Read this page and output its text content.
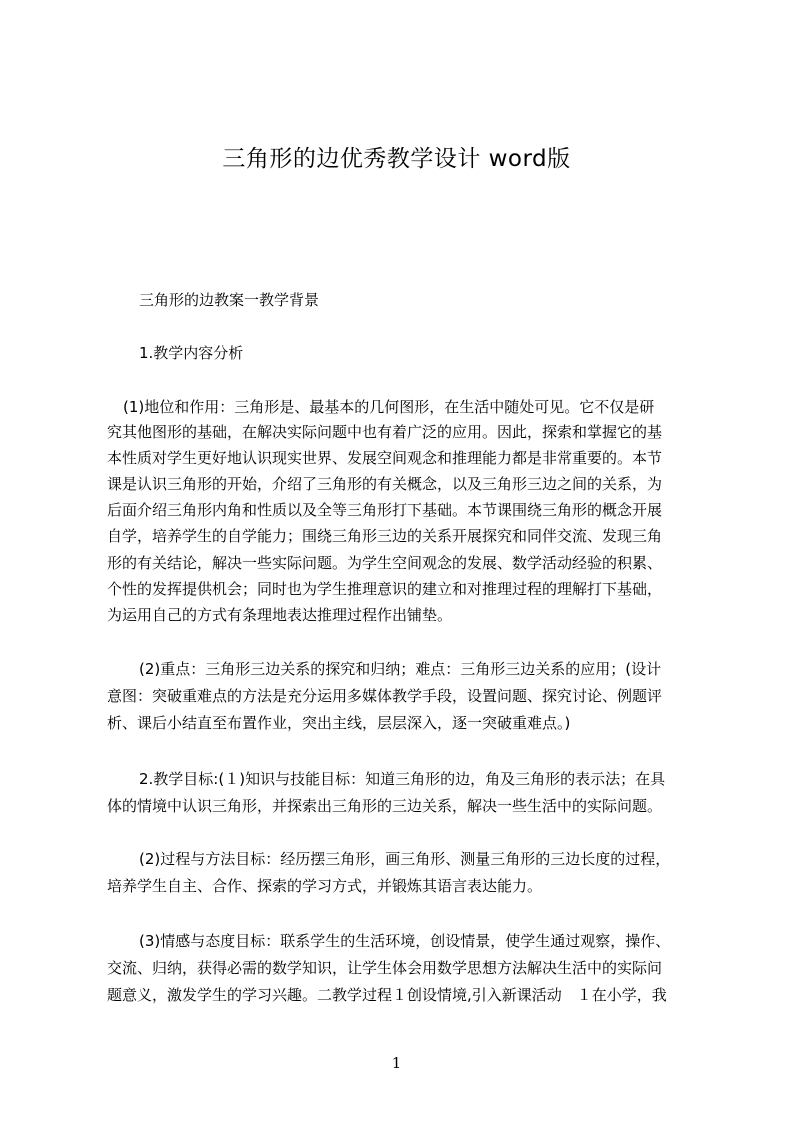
三角形的边优秀教学设计 word版
三角形的边教案一教学背景
1.教学内容分析
(1)地位和作用：三角形是、最基本的几何图形，在生活中随处可见。它不仅是研
究其他图形的基础，在解决实际问题中也有着广泛的应用。因此，探索和掌握它的基
本性质对学生更好地认识现实世界、发展空间观念和推理能力都是非常重要的。本节
课是认识三角形的开始，介绍了三角形的有关概念，以及三角形三边之间的关系，为
后面介绍三角形内角和性质以及全等三角形打下基础。本节课围绕三角形的概念开展
自学，培养学生的自学能力；围绕三角形三边的关系开展探究和同伴交流、发现三角
形的有关结论，解决一些实际问题。为学生空间观念的发展、数学活动经验的积累、
个性的发挥提供机会；同时也为学生推理意识的建立和对推理过程的理解打下基础，
为运用自己的方式有条理地表达推理过程作出铺垫。
(2)重点：三角形三边关系的探究和归纳；难点：三角形三边关系的应用；(设计
意图：突破重难点的方法是充分运用多媒体教学手段，设置问题、探究讨论、例题评
析、课后小结直至布置作业，突出主线，层层深入，逐一突破重难点。)
2.教学目标:(１)知识与技能目标：知道三角形的边，角及三角形的表示法；在具
体的情境中认识三角形，并探索出三角形的三边关系，解决一些生活中的实际问题。
(2)过程与方法目标：经历摆三角形，画三角形、测量三角形的三边长度的过程，
培养学生自主、合作、探索的学习方式，并锻炼其语言表达能力。
(3)情感与态度目标：联系学生的生活环境，创设情景，使学生通过观察，操作、
交流、归纳，获得必需的数学知识，让学生体会用数学思想方法解决生活中的实际问
题意义，激发学生的学习兴趣。二教学过程１创设情境,引入新课活动　１在小学，我
1
